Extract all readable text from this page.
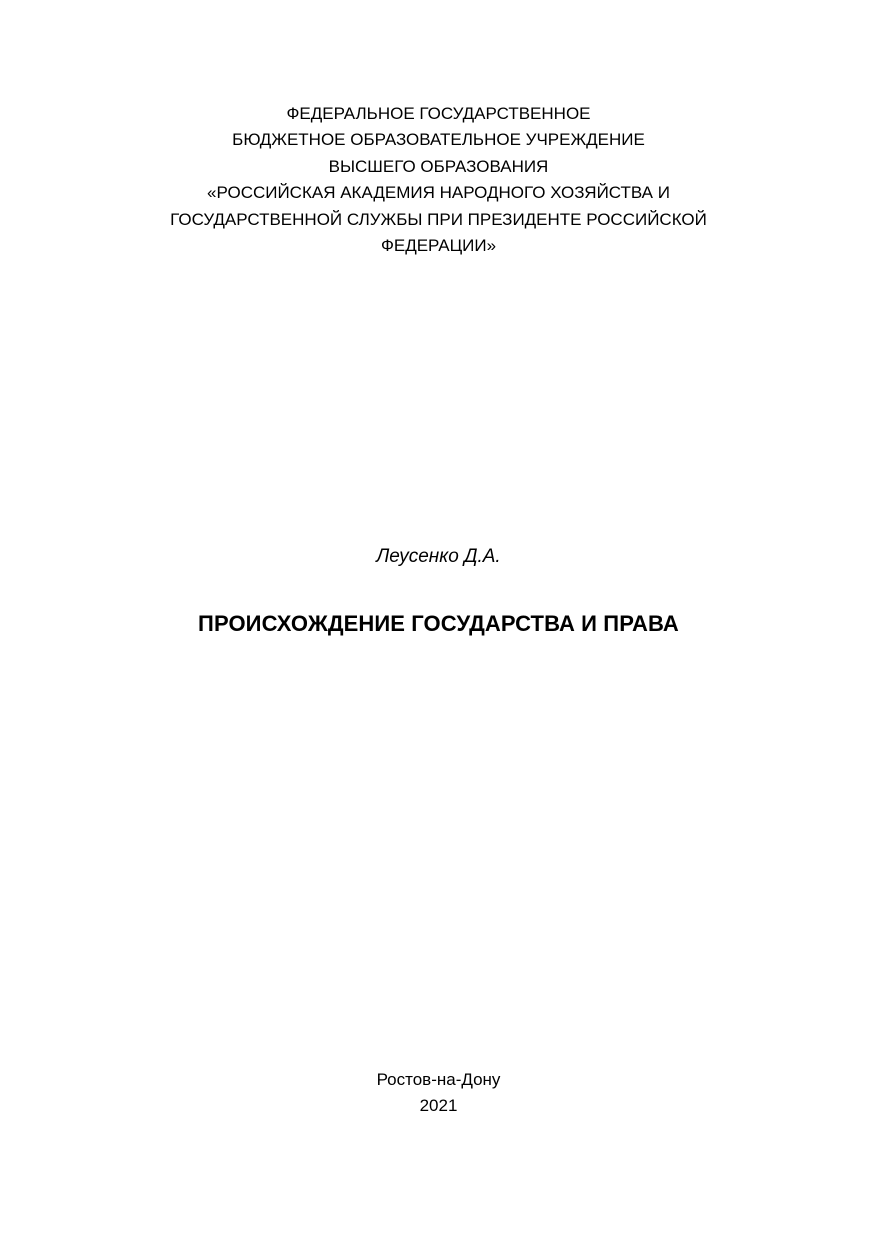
ФЕДЕРАЛЬНОЕ ГОСУДАРСТВЕННОЕ
БЮДЖЕТНОЕ ОБРАЗОВАТЕЛЬНОЕ УЧРЕЖДЕНИЕ
ВЫСШЕГО ОБРАЗОВАНИЯ
«РОССИЙСКАЯ АКАДЕМИЯ НАРОДНОГО ХОЗЯЙСТВА И
ГОСУДАРСТВЕННОЙ СЛУЖБЫ ПРИ ПРЕЗИДЕНТЕ РОССИЙСКОЙ
ФЕДЕРАЦИИ»
Леусенко Д.А.
ПРОИСХОЖДЕНИЕ ГОСУДАРСТВА И ПРАВА
Ростов-на-Дону
2021
